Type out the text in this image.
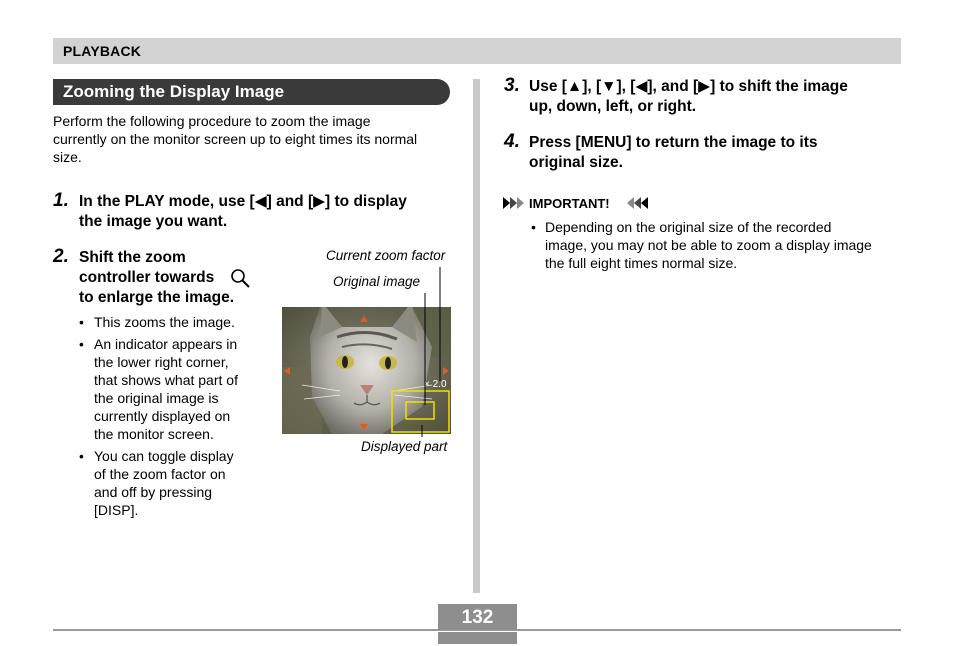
PLAYBACK
Zooming the Display Image
Perform the following procedure to zoom the image
currently on the monitor screen up to eight times its normal
size.
1. In the PLAY mode, use [◀] and [▶] to display
the image you want.
2. Shift the zoom
controller towards
to enlarge the image.
• This zooms the image.
• An indicator appears in
the lower right corner,
that shows what part of
the original image is
currently displayed on
the monitor screen.
• You can toggle display
of the zoom factor on
and off by pressing
[DISP].
Current zoom factor
Original image
Displayed part
× 2.0
3. Use [▲], [▼], [◀], and [▶] to shift the image
up, down, left, or right.
4. Press [MENU] to return the image to its
original size.
IMPORTANT!
• Depending on the original size of the recorded
image, you may not be able to zoom a display image
the full eight times normal size.
132
